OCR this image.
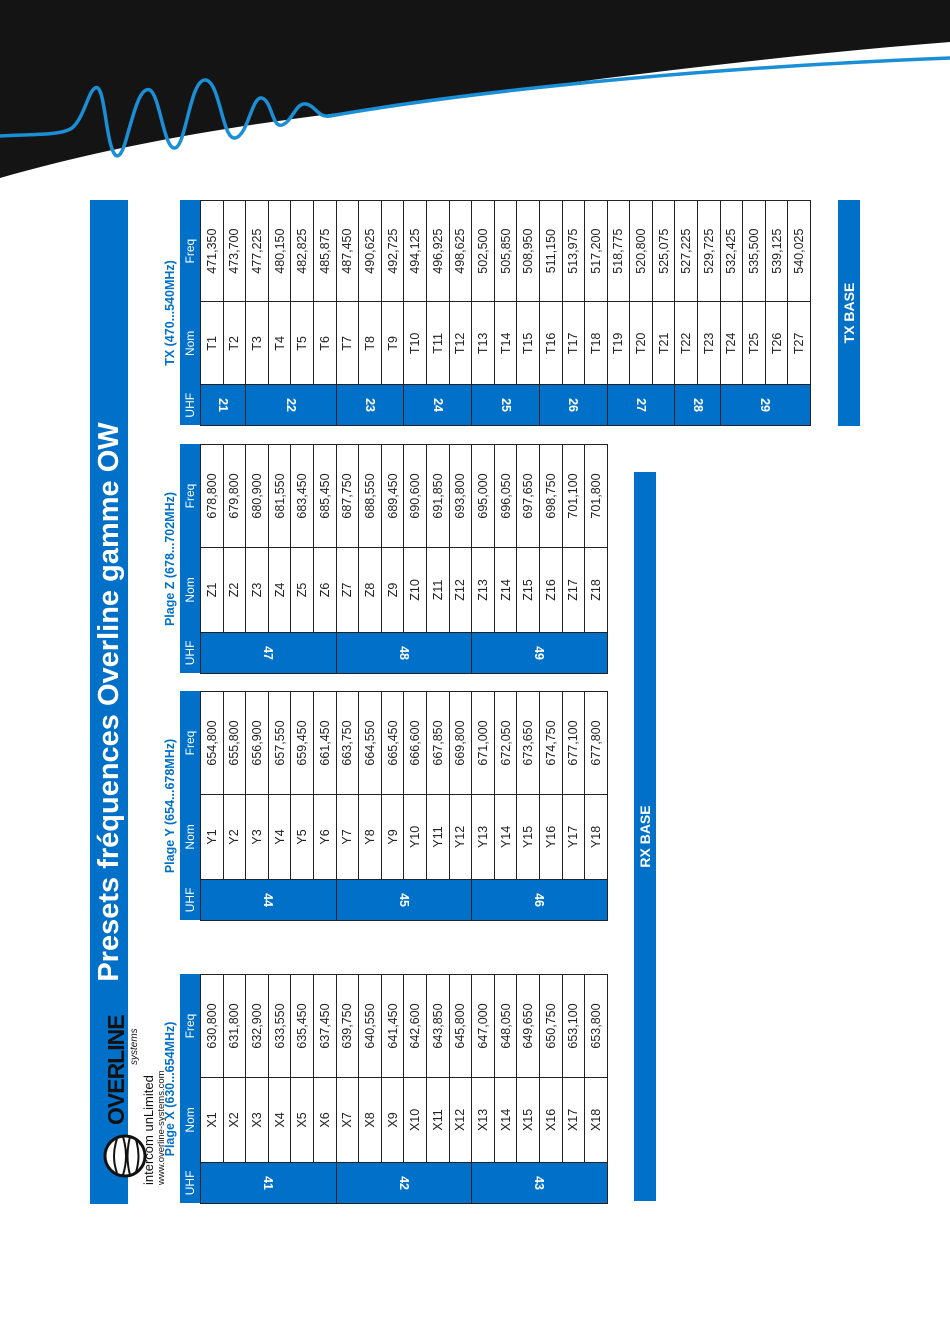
Presets fréquences Overline gamme OW
Plage X (630...654MHz)
UHF	Nom	Freq
41	X1	630,800
	X2	631,800
	X3	632,900
	X4	633,550
	X5	635,450
	X6	637,450
42	X7	639,750
	X8	640,550
	X9	641,450
	X10	642,600
	X11	643,850
	X12	645,800
43	X13	647,000
	X14	648,050
	X15	649,650
	X16	650,750
	X17	653,100
	X18	653,800
Plage Y (654...678MHz)
UHF	Nom	Freq
44	Y1	654,800
	Y2	655,800
	Y3	656,900
	Y4	657,550
	Y5	659,450
	Y6	661,450
45	Y7	663,750
	Y8	664,550
	Y9	665,450
	Y10	666,600
	Y11	667,850
	Y12	669,800
46	Y13	671,000
	Y14	672,050
	Y15	673,650
	Y16	674,750
	Y17	677,100
	Y18	677,800
Plage Z (678...702MHz)
UHF	Nom	Freq
47	Z1	678,800
	Z2	679,800
	Z3	680,900
	Z4	681,550
	Z5	683,450
	Z6	685,450
48	Z7	687,750
	Z8	688,550
	Z9	689,450
	Z10	690,600
	Z11	691,850
	Z12	693,800
49	Z13	695,000
	Z14	696,050
	Z15	697,650
	Z16	698,750
	Z17	701,100
	Z18	701,800
TX (470...540MHz)
UHF	Nom	Freq
21	T1	471,350
	T2	473,700
22	T3	477,225
	T4	480,150
	T5	482,825
	T6	485,875
23	T7	487,450
	T8	490,625
	T9	492,725
24	T10	494,125
	T11	496,925
	T12	498,625
25	T13	502,500
	T14	505,850
	T15	508,950
26	T16	511,150
	T17	513,975
	T18	517,200
27	T19	518,775
	T20	520,800
	T21	525,075
28	T22	527,225
	T23	529,725
29	T24	532,425
	T25	535,500
	T26	539,125
	T27	540,025
RX BASE
TX BASE
OVERLINE systems
intercom unLimited www.overline-systems.com
